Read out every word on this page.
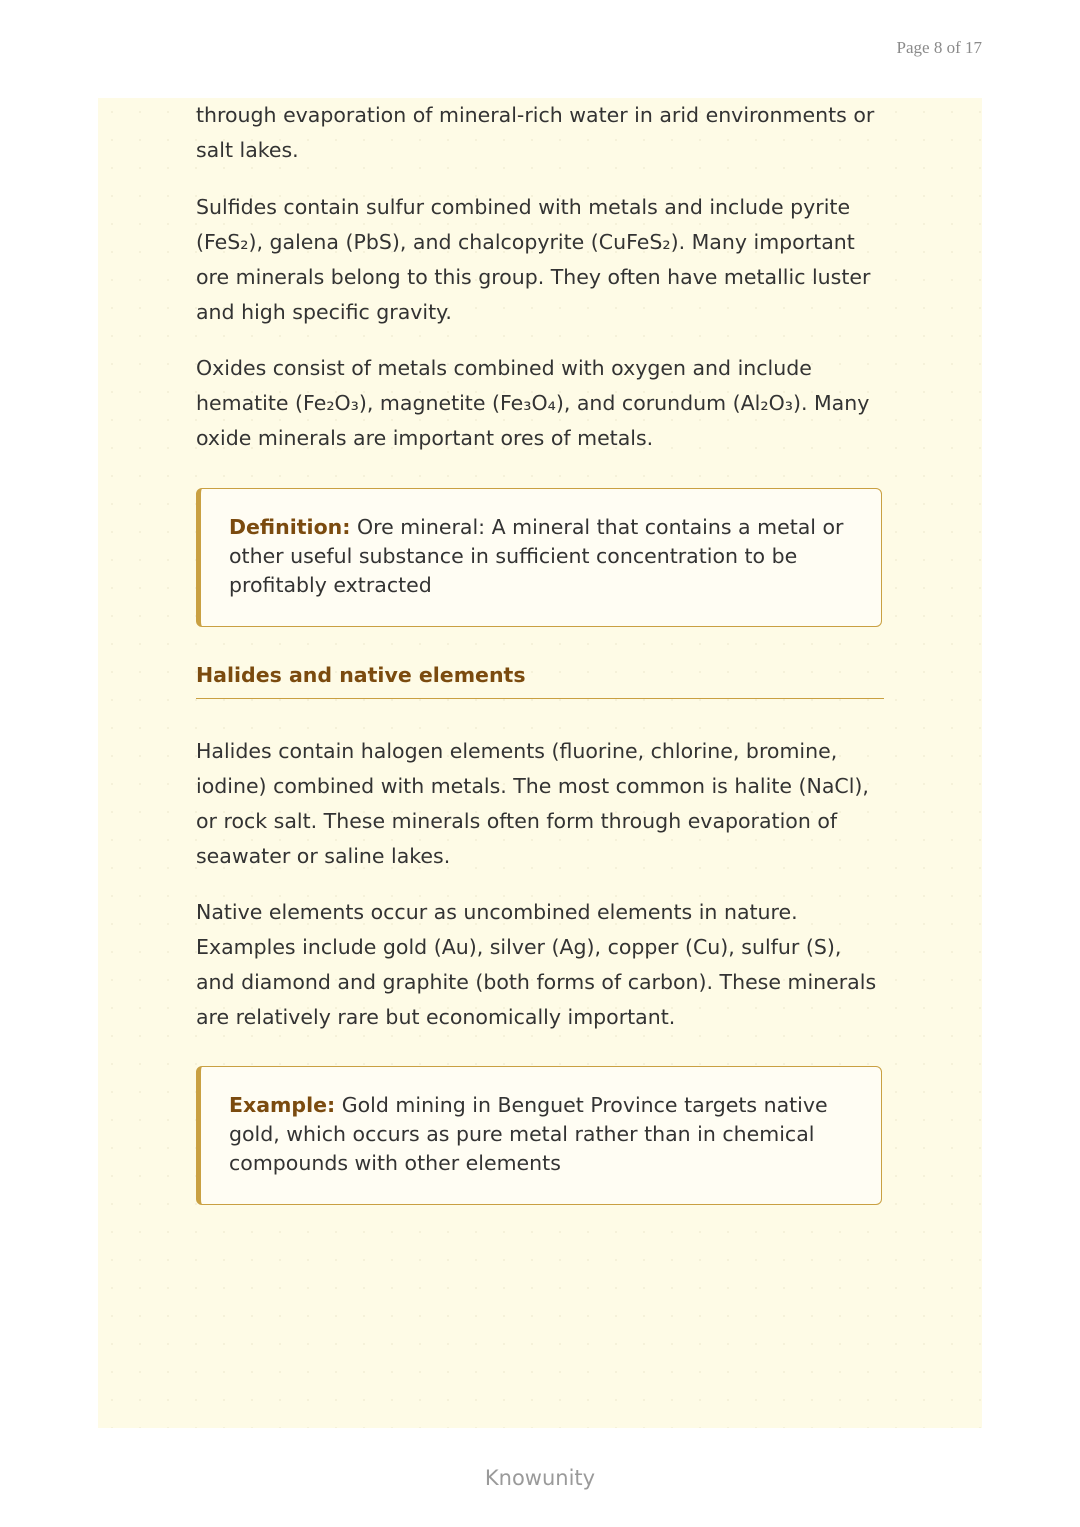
Page 8 of 17

through evaporation of mineral-rich water in arid environments or salt lakes.

Sulfides contain sulfur combined with metals and include pyrite (FeS₂), galena (PbS), and chalcopyrite (CuFeS₂). Many important ore minerals belong to this group. They often have metallic luster and high specific gravity.

Oxides consist of metals combined with oxygen and include hematite (Fe₂O₃), magnetite (Fe₃O₄), and corundum (Al₂O₃). Many oxide minerals are important ores of metals.

Definition: Ore mineral: A mineral that contains a metal or other useful substance in sufficient concentration to be profitably extracted

Halides and native elements

Halides contain halogen elements (fluorine, chlorine, bromine, iodine) combined with metals. The most common is halite (NaCl), or rock salt. These minerals often form through evaporation of seawater or saline lakes.

Native elements occur as uncombined elements in nature. Examples include gold (Au), silver (Ag), copper (Cu), sulfur (S), and diamond and graphite (both forms of carbon). These minerals are relatively rare but economically important.

Example: Gold mining in Benguet Province targets native gold, which occurs as pure metal rather than in chemical compounds with other elements

Knowunity
